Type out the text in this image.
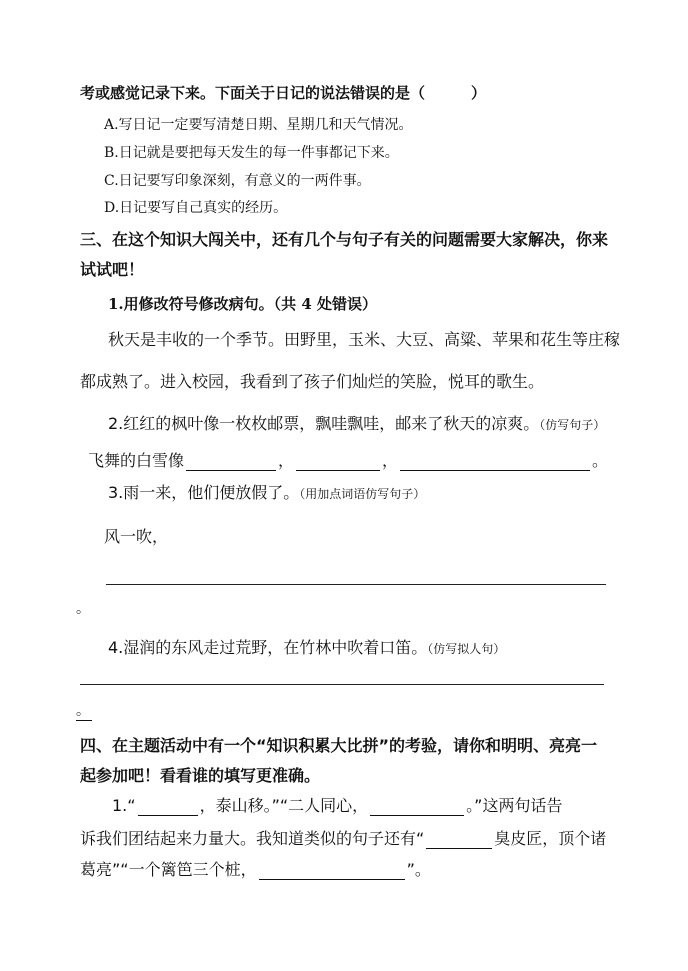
考或感觉记录下来。下面关于日记的说法错误的是（	）
A.写日记一定要写清楚日期、星期几和天气情况。
B.日记就是要把每天发生的每一件事都记下来。
C.日记要写印象深刻，有意义的一两件事。
D.日记要写自己真实的经历。
三、在这个知识大闯关中，还有几个与句子有关的问题需要大家解决，你来
试试吧！
1.用修改符号修改病句。（共 4 处错误）
秋天是丰收的一个季节。田野里，玉米、大豆、高粱、苹果和花生等庄稼
都成熟了。进入校园，我看到了孩子们灿烂的笑脸，悦耳的歌生。
2.红红的枫叶像一枚枚邮票，飘哇飘哇，邮来了秋天的凉爽。（仿写句子）
飞舞的白雪像	，	，	。
3.雨一来，他们便放假了。（用加点词语仿写句子）
风一吹，
。
4.湿润的东风走过荒野，在竹林中吹着口笛。（仿写拟人句）
。
四、在主题活动中有一个“知识积累大比拼”的考验，请你和明明、亮亮一
起参加吧！看看谁的填写更准确。
1.“	，泰山移。”“二人同心，	。”这两句话告
诉我们团结起来力量大。我知道类似的句子还有“	臭皮匠，顶个诸
葛亮”“一个篱笆三个桩，	”。
